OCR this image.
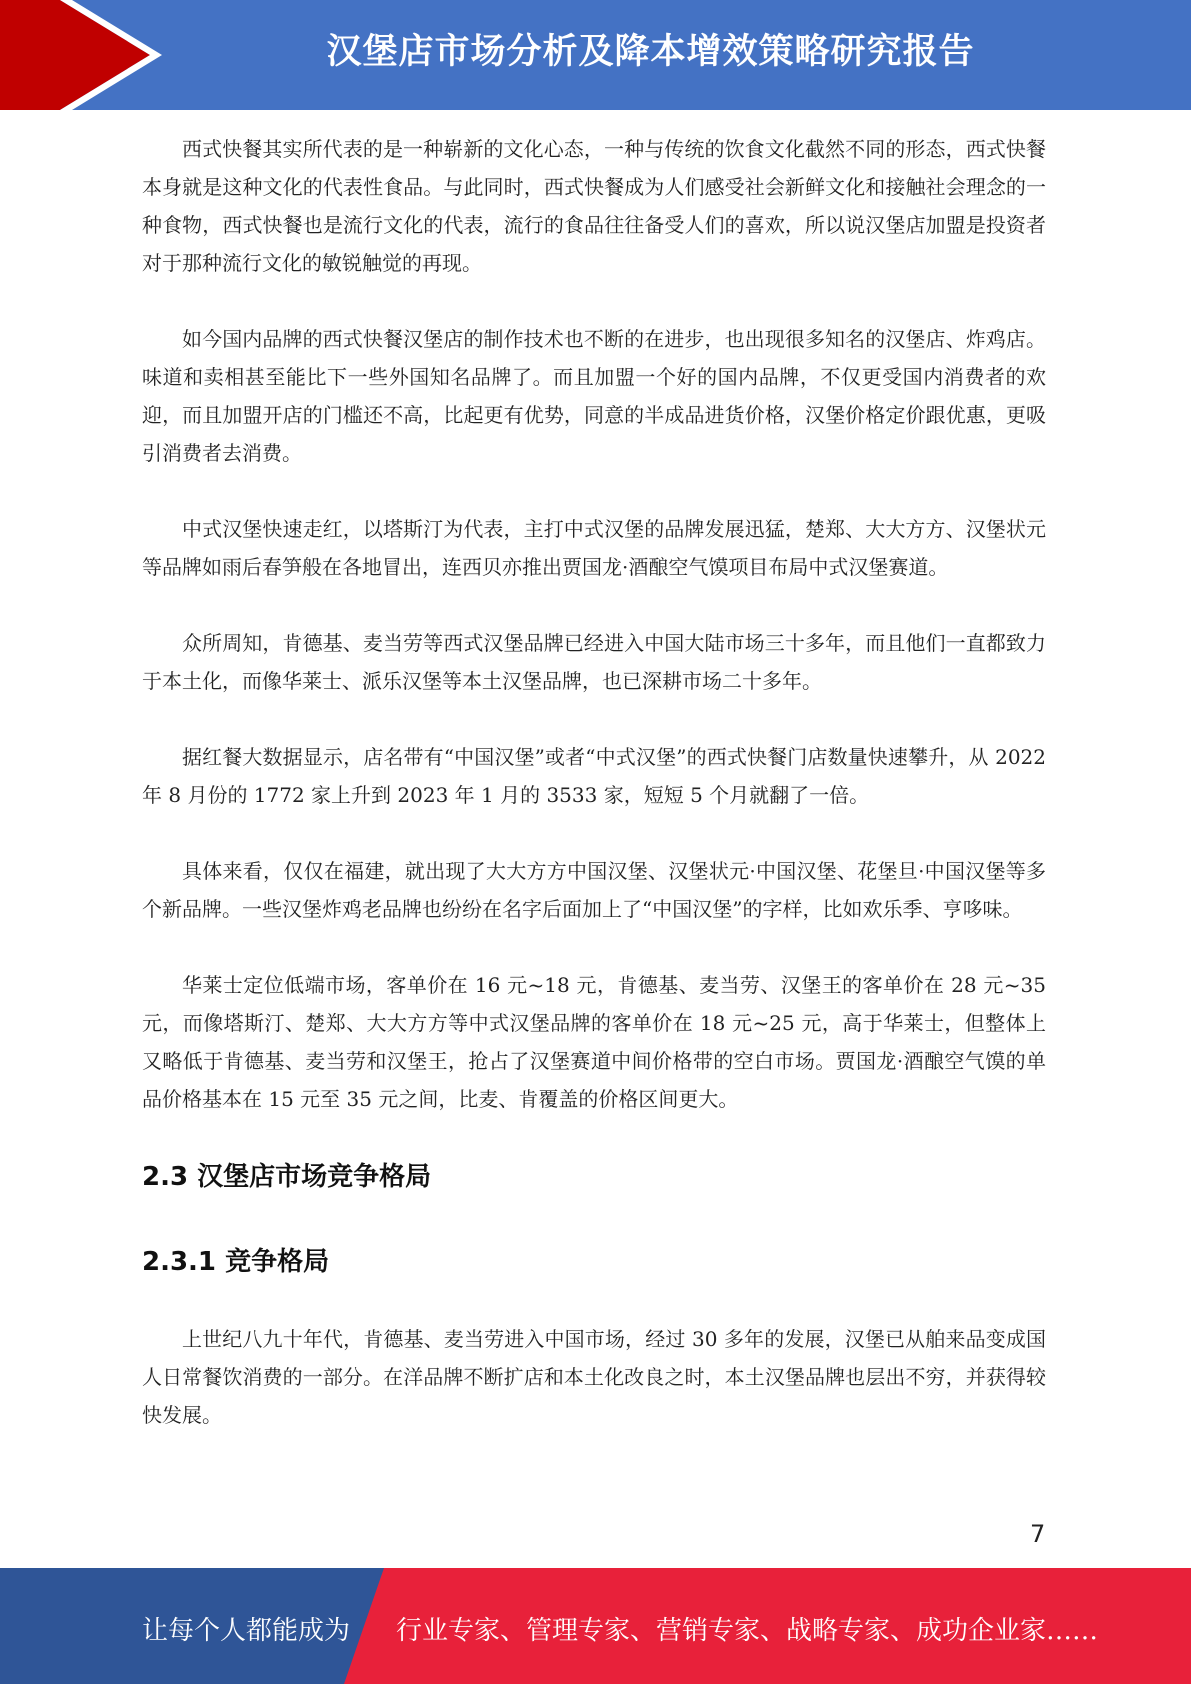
汉堡店市场分析及降本增效策略研究报告

西式快餐其实所代表的是一种崭新的文化心态，一种与传统的饮食文化截然不同的形态，西式快餐本身就是这种文化的代表性食品。与此同时，西式快餐成为人们感受社会新鲜文化和接触社会理念的一种食物，西式快餐也是流行文化的代表，流行的食品往往备受人们的喜欢，所以说汉堡店加盟是投资者对于那种流行文化的敏锐触觉的再现。

如今国内品牌的西式快餐汉堡店的制作技术也不断的在进步，也出现很多知名的汉堡店、炸鸡店。味道和卖相甚至能比下一些外国知名品牌了。而且加盟一个好的国内品牌，不仅更受国内消费者的欢迎，而且加盟开店的门槛还不高，比起更有优势，同意的半成品进货价格，汉堡价格定价跟优惠，更吸引消费者去消费。

中式汉堡快速走红，以塔斯汀为代表，主打中式汉堡的品牌发展迅猛，楚郑、大大方方、汉堡状元等品牌如雨后春笋般在各地冒出，连西贝亦推出贾国龙·酒酿空气馍项目布局中式汉堡赛道。

众所周知，肯德基、麦当劳等西式汉堡品牌已经进入中国大陆市场三十多年，而且他们一直都致力于本土化，而像华莱士、派乐汉堡等本土汉堡品牌，也已深耕市场二十多年。

据红餐大数据显示，店名带有“中国汉堡”或者“中式汉堡”的西式快餐门店数量快速攀升，从 2022 年 8 月份的 1772 家上升到 2023 年 1 月的 3533 家，短短 5 个月就翻了一倍。

具体来看，仅仅在福建，就出现了大大方方中国汉堡、汉堡状元·中国汉堡、花堡旦·中国汉堡等多个新品牌。一些汉堡炸鸡老品牌也纷纷在名字后面加上了“中国汉堡”的字样，比如欢乐季、亨哆味。

华莱士定位低端市场，客单价在 16 元~18 元，肯德基、麦当劳、汉堡王的客单价在 28 元~35 元，而像塔斯汀、楚郑、大大方方等中式汉堡品牌的客单价在 18 元~25 元，高于华莱士，但整体上又略低于肯德基、麦当劳和汉堡王，抢占了汉堡赛道中间价格带的空白市场。贾国龙·酒酿空气馍的单品价格基本在 15 元至 35 元之间，比麦、肯覆盖的价格区间更大。

2.3 汉堡店市场竞争格局
2.3.1 竞争格局

上世纪八九十年代，肯德基、麦当劳进入中国市场，经过 30 多年的发展，汉堡已从舶来品变成国人日常餐饮消费的一部分。在洋品牌不断扩店和本土化改良之时，本土汉堡品牌也层出不穷，并获得较快发展。

7
让每个人都能成为 行业专家、管理专家、营销专家、战略专家、成功企业家……
